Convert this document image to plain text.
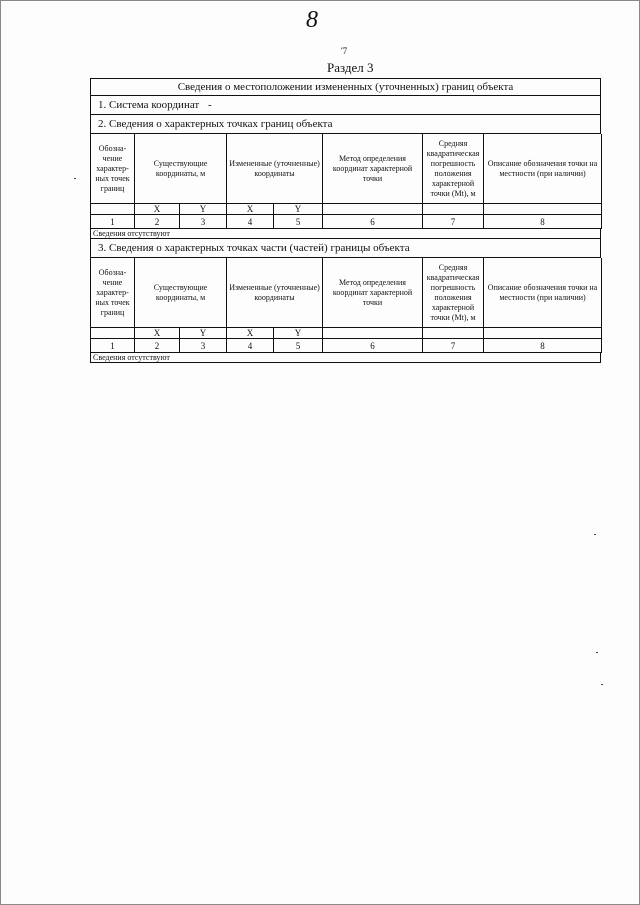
8
'7
Раздел 3
Сведения о местоположении измененных (уточненных) границ объекта
1. Система координат -
2. Сведения о характерных точках границ объекта
Обозна-чение характер-ных точек границ	Существующие координаты, м		Измененные (уточненные) координаты		Метод определения координат характерной точки	Средняя квадратическая погрешность положения характерной точки (Mt), м	Описание обозначения точки на местности (при наличии)
	X	Y	X	Y			
1	2	3	4	5	6	7	8
Сведения отсутствуют
3. Сведения о характерных точках части (частей) границы объекта
Обозна-чение характер-ных точек границ	Существующие координаты, м		Измененные (уточненные) координаты		Метод определения координат характерной точки	Средняя квадратическая погрешность положения характерной точки (Mt), м	Описание обозначения точки на местности (при наличии)
	X	Y	X	Y			
1	2	3	4	5	6	7	8
Сведения отсутствуют
